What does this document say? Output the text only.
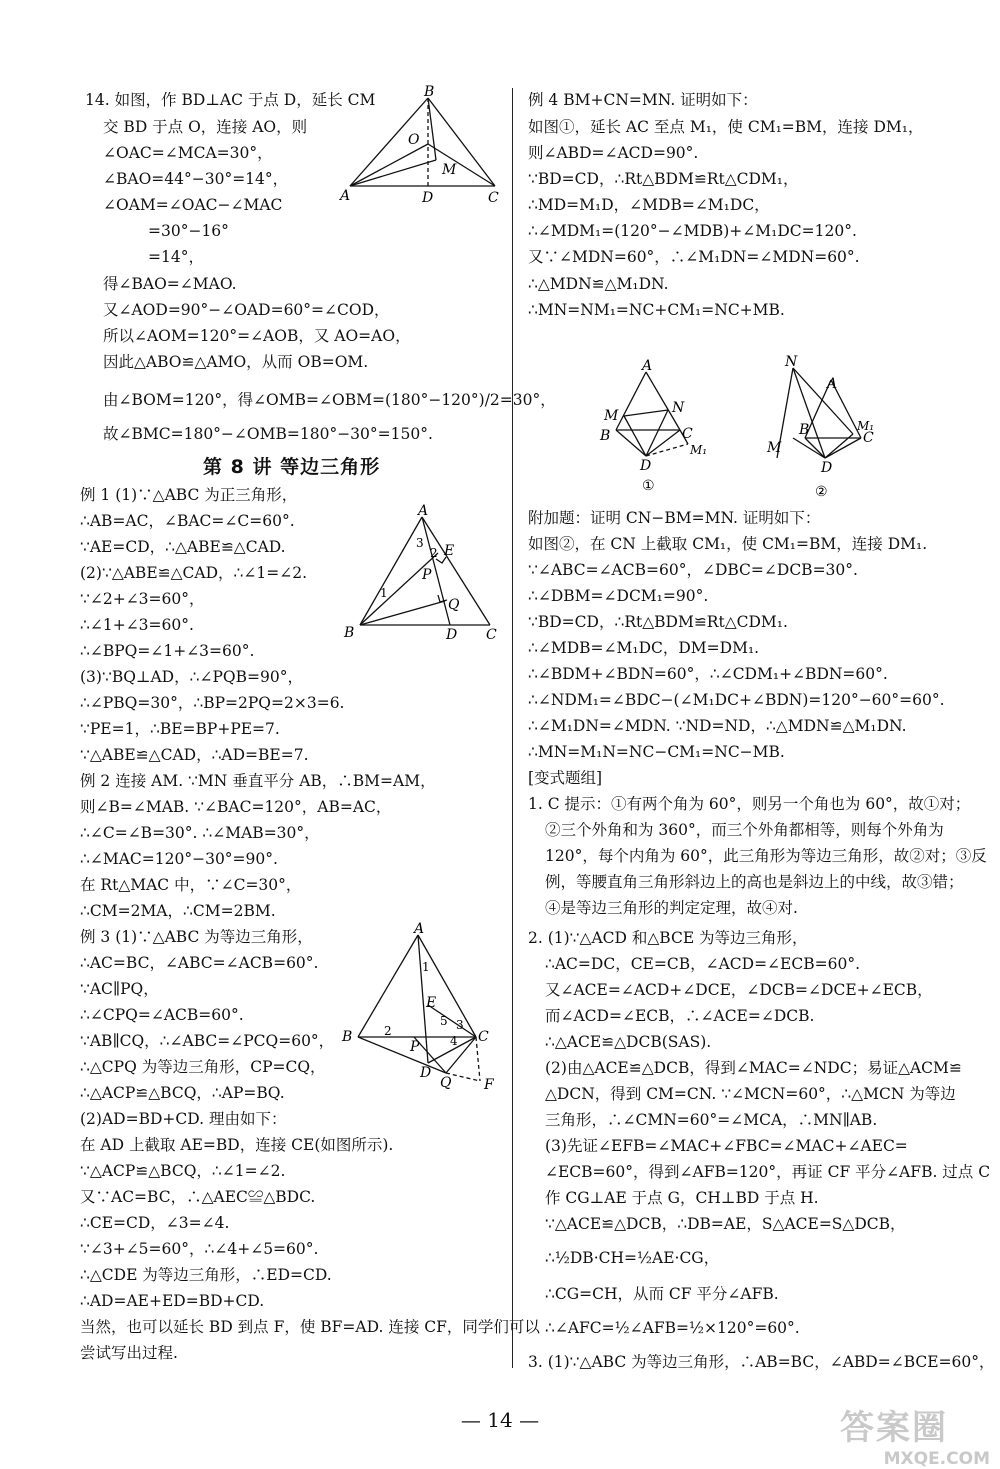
14. 如图，作 BD⊥AC 于点 D，延长 CM
交 BD 于点 O，连接 AO，则
∠OAC=∠MCA=30°，
∠BAO=44°−30°=14°，
∠OAM=∠OAC−∠MAC
=30°−16°
=14°，
得∠BAO=∠MAO.
又∠AOD=90°−∠OAD=60°=∠COD，
所以∠AOM=120°=∠AOB，又 AO=AO，
因此△ABO≌△AMO，从而 OB=OM.
由∠BOM=120°，得∠OMB=∠OBM=(180°−120°)/2=30°，
故∠BMC=180°−∠OMB=180°−30°=150°.
例 1 (1)∵△ABC 为正三角形，
∴AB=AC，∠BAC=∠C=60°.
∵AE=CD，∴△ABE≌△CAD.
(2)∵△ABE≌△CAD，∴∠1=∠2.
∵∠2+∠3=60°，
∴∠1+∠3=60°.
∴∠BPQ=∠1+∠3=60°.
(3)∵BQ⊥AD，∴∠PQB=90°，
∴∠PBQ=30°，∴BP=2PQ=2×3=6.
∵PE=1，∴BE=BP+PE=7.
∵△ABE≌△CAD，∴AD=BE=7.
例 2 连接 AM. ∵MN 垂直平分 AB，∴BM=AM，
则∠B=∠MAB. ∵∠BAC=120°，AB=AC，
∴∠C=∠B=30°. ∴∠MAB=30°，
∴∠MAC=120°−30°=90°.
在 Rt△MAC 中，∵∠C=30°，
∴CM=2MA，∴CM=2BM.
例 3 (1)∵△ABC 为等边三角形，
∴AC=BC，∠ABC=∠ACB=60°.
∵AC∥PQ，
∴∠CPQ=∠ACB=60°.
∵AB∥CQ，∴∠ABC=∠PCQ=60°，
∴△CPQ 为等边三角形，CP=CQ，
∴△ACP≌△BCQ，∴AP=BQ.
(2)AD=BD+CD. 理由如下：
在 AD 上截取 AE=BD，连接 CE(如图所示).
∵△ACP≌△BCQ，∴∠1=∠2.
又∵AC=BC，∴△AEC≌△BDC.
∴CE=CD，∠3=∠4.
∵∠3+∠5=60°，∴∠4+∠5=60°.
∴△CDE 为等边三角形，∴ED=CD.
∴AD=AE+ED=BD+CD.
当然，也可以延长 BD 到点 F，使 BF=AD. 连接 CF，同学们可以
尝试写出过程.
例 4 BM+CN=MN. 证明如下：
如图①，延长 AC 至点 M₁，使 CM₁=BM，连接 DM₁，
则∠ABD=∠ACD=90°.
∵BD=CD，∴Rt△BDM≌Rt△CDM₁，
∴MD=M₁D，∠MDB=∠M₁DC，
∴∠MDM₁=(120°−∠MDB)+∠M₁DC=120°.
又∵∠MDN=60°，∴∠M₁DN=∠MDN=60°.
∴△MDN≌△M₁DN.
∴MN=NM₁=NC+CM₁=NC+MB.
附加题：证明 CN−BM=MN. 证明如下：
如图②，在 CN 上截取 CM₁，使 CM₁=BM，连接 DM₁.
∵∠ABC=∠ACB=60°，∠DBC=∠DCB=30°.
∴∠DBM=∠DCM₁=90°.
∵BD=CD，∴Rt△BDM≌Rt△CDM₁.
∴∠MDB=∠M₁DC，DM=DM₁.
∴∠BDM+∠BDN=60°，∴∠CDM₁+∠BDN=60°.
∴∠NDM₁=∠BDC−(∠M₁DC+∠BDN)=120°−60°=60°.
∴∠M₁DN=∠MDN. ∵ND=ND，∴△MDN≌△M₁DN.
∴MN=M₁N=NC−CM₁=NC−MB.
[变式题组]
1. C 提示：①有两个角为 60°，则另一个角也为 60°，故①对；
②三个外角和为 360°，而三个外角都相等，则每个外角为
120°，每个内角为 60°，此三角形为等边三角形，故②对；③反
例，等腰直角三角形斜边上的高也是斜边上的中线，故③错；
④是等边三角形的判定定理，故④对.
2. (1)∵△ACD 和△BCE 为等边三角形，
∴AC=DC，CE=CB，∠ACD=∠ECB=60°.
又∠ACE=∠ACD+∠DCE，∠DCB=∠DCE+∠ECB，
而∠ACD=∠ECB，∴∠ACE=∠DCB.
∴△ACE≌△DCB(SAS).
(2)由△ACE≌△DCB，得到∠MAC=∠NDC；易证△ACM≌
△DCN，得到 CM=CN. ∵∠MCN=60°，∴△MCN 为等边
三角形，∴∠CMN=60°=∠MCA，∴MN∥AB.
(3)先证∠EFB=∠MAC+∠FBC=∠MAC+∠AEC=
∠ECB=60°，得到∠AFB=120°，再证 CF 平分∠AFB. 过点 C
作 CG⊥AE 于点 G，CH⊥BD 于点 H.
∵△ACE≌△DCB，∴DB=AE，S△ACE=S△DCB，
∴½DB·CH=½AE·CG，
∴CG=CH，从而 CF 平分∠AFB.
∴∠AFC=½∠AFB=½×120°=60°.
3. (1)∵△ABC 为等边三角形，∴AB=BC，∠ABD=∠BCE=60°，
第 8 讲 等边三角形
B
A	C
D
O
M
A
B	C
D
E
P
Q
1
2
3
A
B	C
D
E
P
Q F
1
2	3
4
5
A
B	C
D
M	N
M₁
①
N
A
B	C
D
M
M₁
②
— 14 —	答案圈
MXQE.COM
